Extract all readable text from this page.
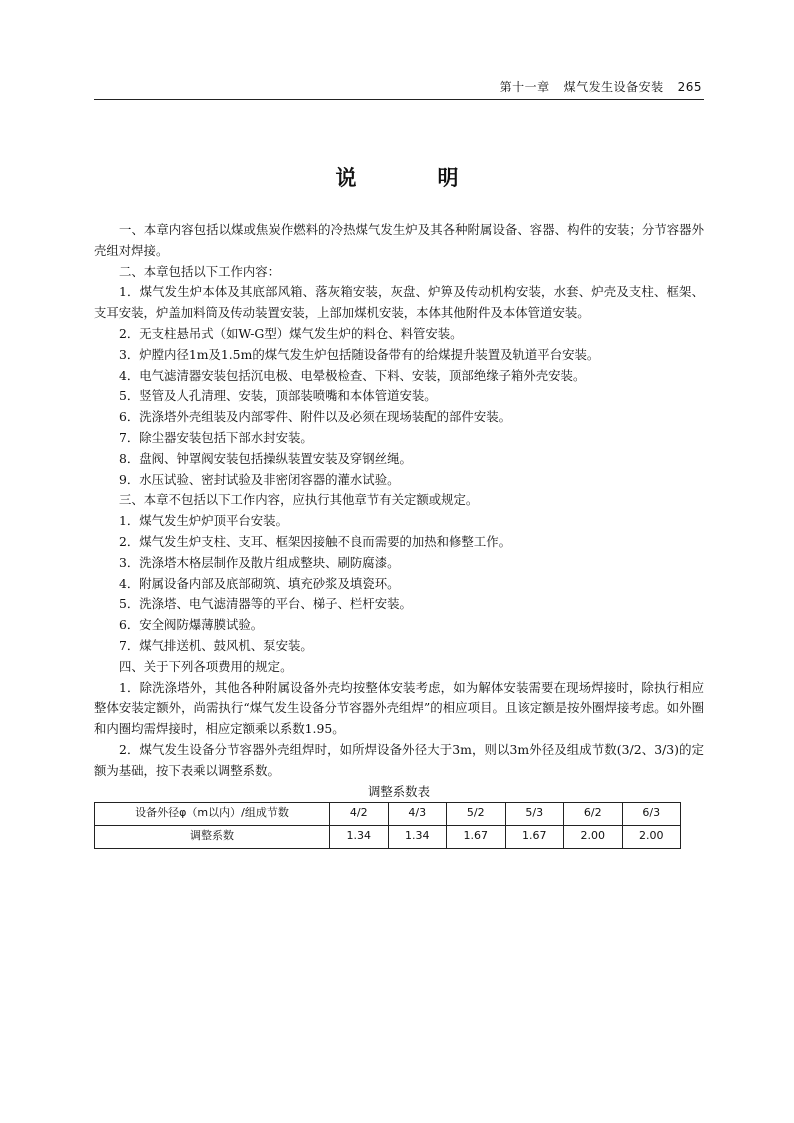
第十一章 煤气发生设备安装 265
说　明

一、本章内容包括以煤或焦炭作燃料的冷热煤气发生炉及其各种附属设备、容器、构件的安装；分节容器外壳组对焊接。

二、本章包括以下工作内容：

1．煤气发生炉本体及其底部风箱、落灰箱安装，灰盘、炉箅及传动机构安装，水套、炉壳及支柱、框架、支耳安装，炉盖加料筒及传动装置安装，上部加煤机安装，本体其他附件及本体管道安装。

2．无支柱悬吊式（如W-G型）煤气发生炉的料仓、料管安装。

3．炉膛内径1m及1.5m的煤气发生炉包括随设备带有的给煤提升装置及轨道平台安装。

4．电气滤清器安装包括沉电极、电晕极检查、下料、安装，顶部绝缘子箱外壳安装。

5．竖管及人孔清理、安装，顶部装喷嘴和本体管道安装。

6．洗涤塔外壳组装及内部零件、附件以及必须在现场装配的部件安装。

7．除尘器安装包括下部水封安装。

8．盘阀、钟罩阀安装包括操纵装置安装及穿钢丝绳。

9．水压试验、密封试验及非密闭容器的灌水试验。

三、本章不包括以下工作内容，应执行其他章节有关定额或规定。

1．煤气发生炉炉顶平台安装。

2．煤气发生炉支柱、支耳、框架因接触不良而需要的加热和修整工作。

3．洗涤塔木格层制作及散片组成整块、刷防腐漆。

4．附属设备内部及底部砌筑、填充砂浆及填瓷环。

5．洗涤塔、电气滤清器等的平台、梯子、栏杆安装。

6．安全阀防爆薄膜试验。

7．煤气排送机、鼓风机、泵安装。

四、关于下列各项费用的规定。

1．除洗涤塔外，其他各种附属设备外壳均按整体安装考虑，如为解体安装需要在现场焊接时，除执行相应整体安装定额外，尚需执行“煤气发生设备分节容器外壳组焊”的相应项目。且该定额是按外圈焊接考虑。如外圈和内圈均需焊接时，相应定额乘以系数1.95。

2．煤气发生设备分节容器外壳组焊时，如所焊设备外径大于3m，则以3m外径及组成节数(3/2、3/3)的定额为基础，按下表乘以调整系数。

调整系数表
设备外径φ（m以内）/组成节数	4/2	4/3	5/2	5/3	6/2	6/3
调整系数	1.34	1.34	1.67	1.67	2.00	2.00
